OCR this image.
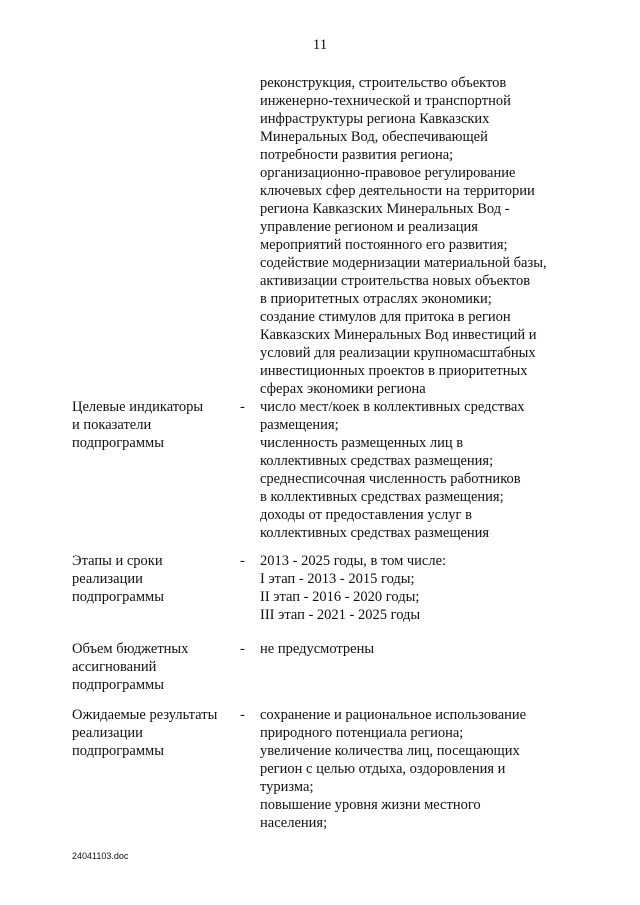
11
реконструкция, строительство объектов
инженерно-технической и транспортной
инфраструктуры региона Кавказских
Минеральных Вод, обеспечивающей
потребности развития региона;
организационно-правовое регулирование
ключевых сфер деятельности на территории
региона Кавказских Минеральных Вод -
управление регионом и реализация
мероприятий постоянного его развития;
содействие модернизации материальной базы,
активизации строительства новых объектов
в приоритетных отраслях экономики;
создание стимулов для притока в регион
Кавказских Минеральных Вод инвестиций и
условий для реализации крупномасштабных
инвестиционных проектов в приоритетных
сферах экономики региона
Целевые индикаторы
и показатели
подпрограммы
- число мест/коек в коллективных средствах
размещения;
численность размещенных лиц в
коллективных средствах размещения;
среднесписочная численность работников
в коллективных средствах размещения;
доходы от предоставления услуг в
коллективных средствах размещения
Этапы и сроки
реализации
подпрограммы
- 2013 - 2025 годы, в том числе:
I этап - 2013 - 2015 годы;
II этап - 2016 - 2020 годы;
III этап - 2021 - 2025 годы
Объем бюджетных
ассигнований
подпрограммы
- не предусмотрены
Ожидаемые результаты
реализации
подпрограммы
- сохранение и рациональное использование
природного потенциала региона;
увеличение количества лиц, посещающих
регион с целью отдыха, оздоровления и
туризма;
повышение уровня жизни местного
населения;
24041103.doc
